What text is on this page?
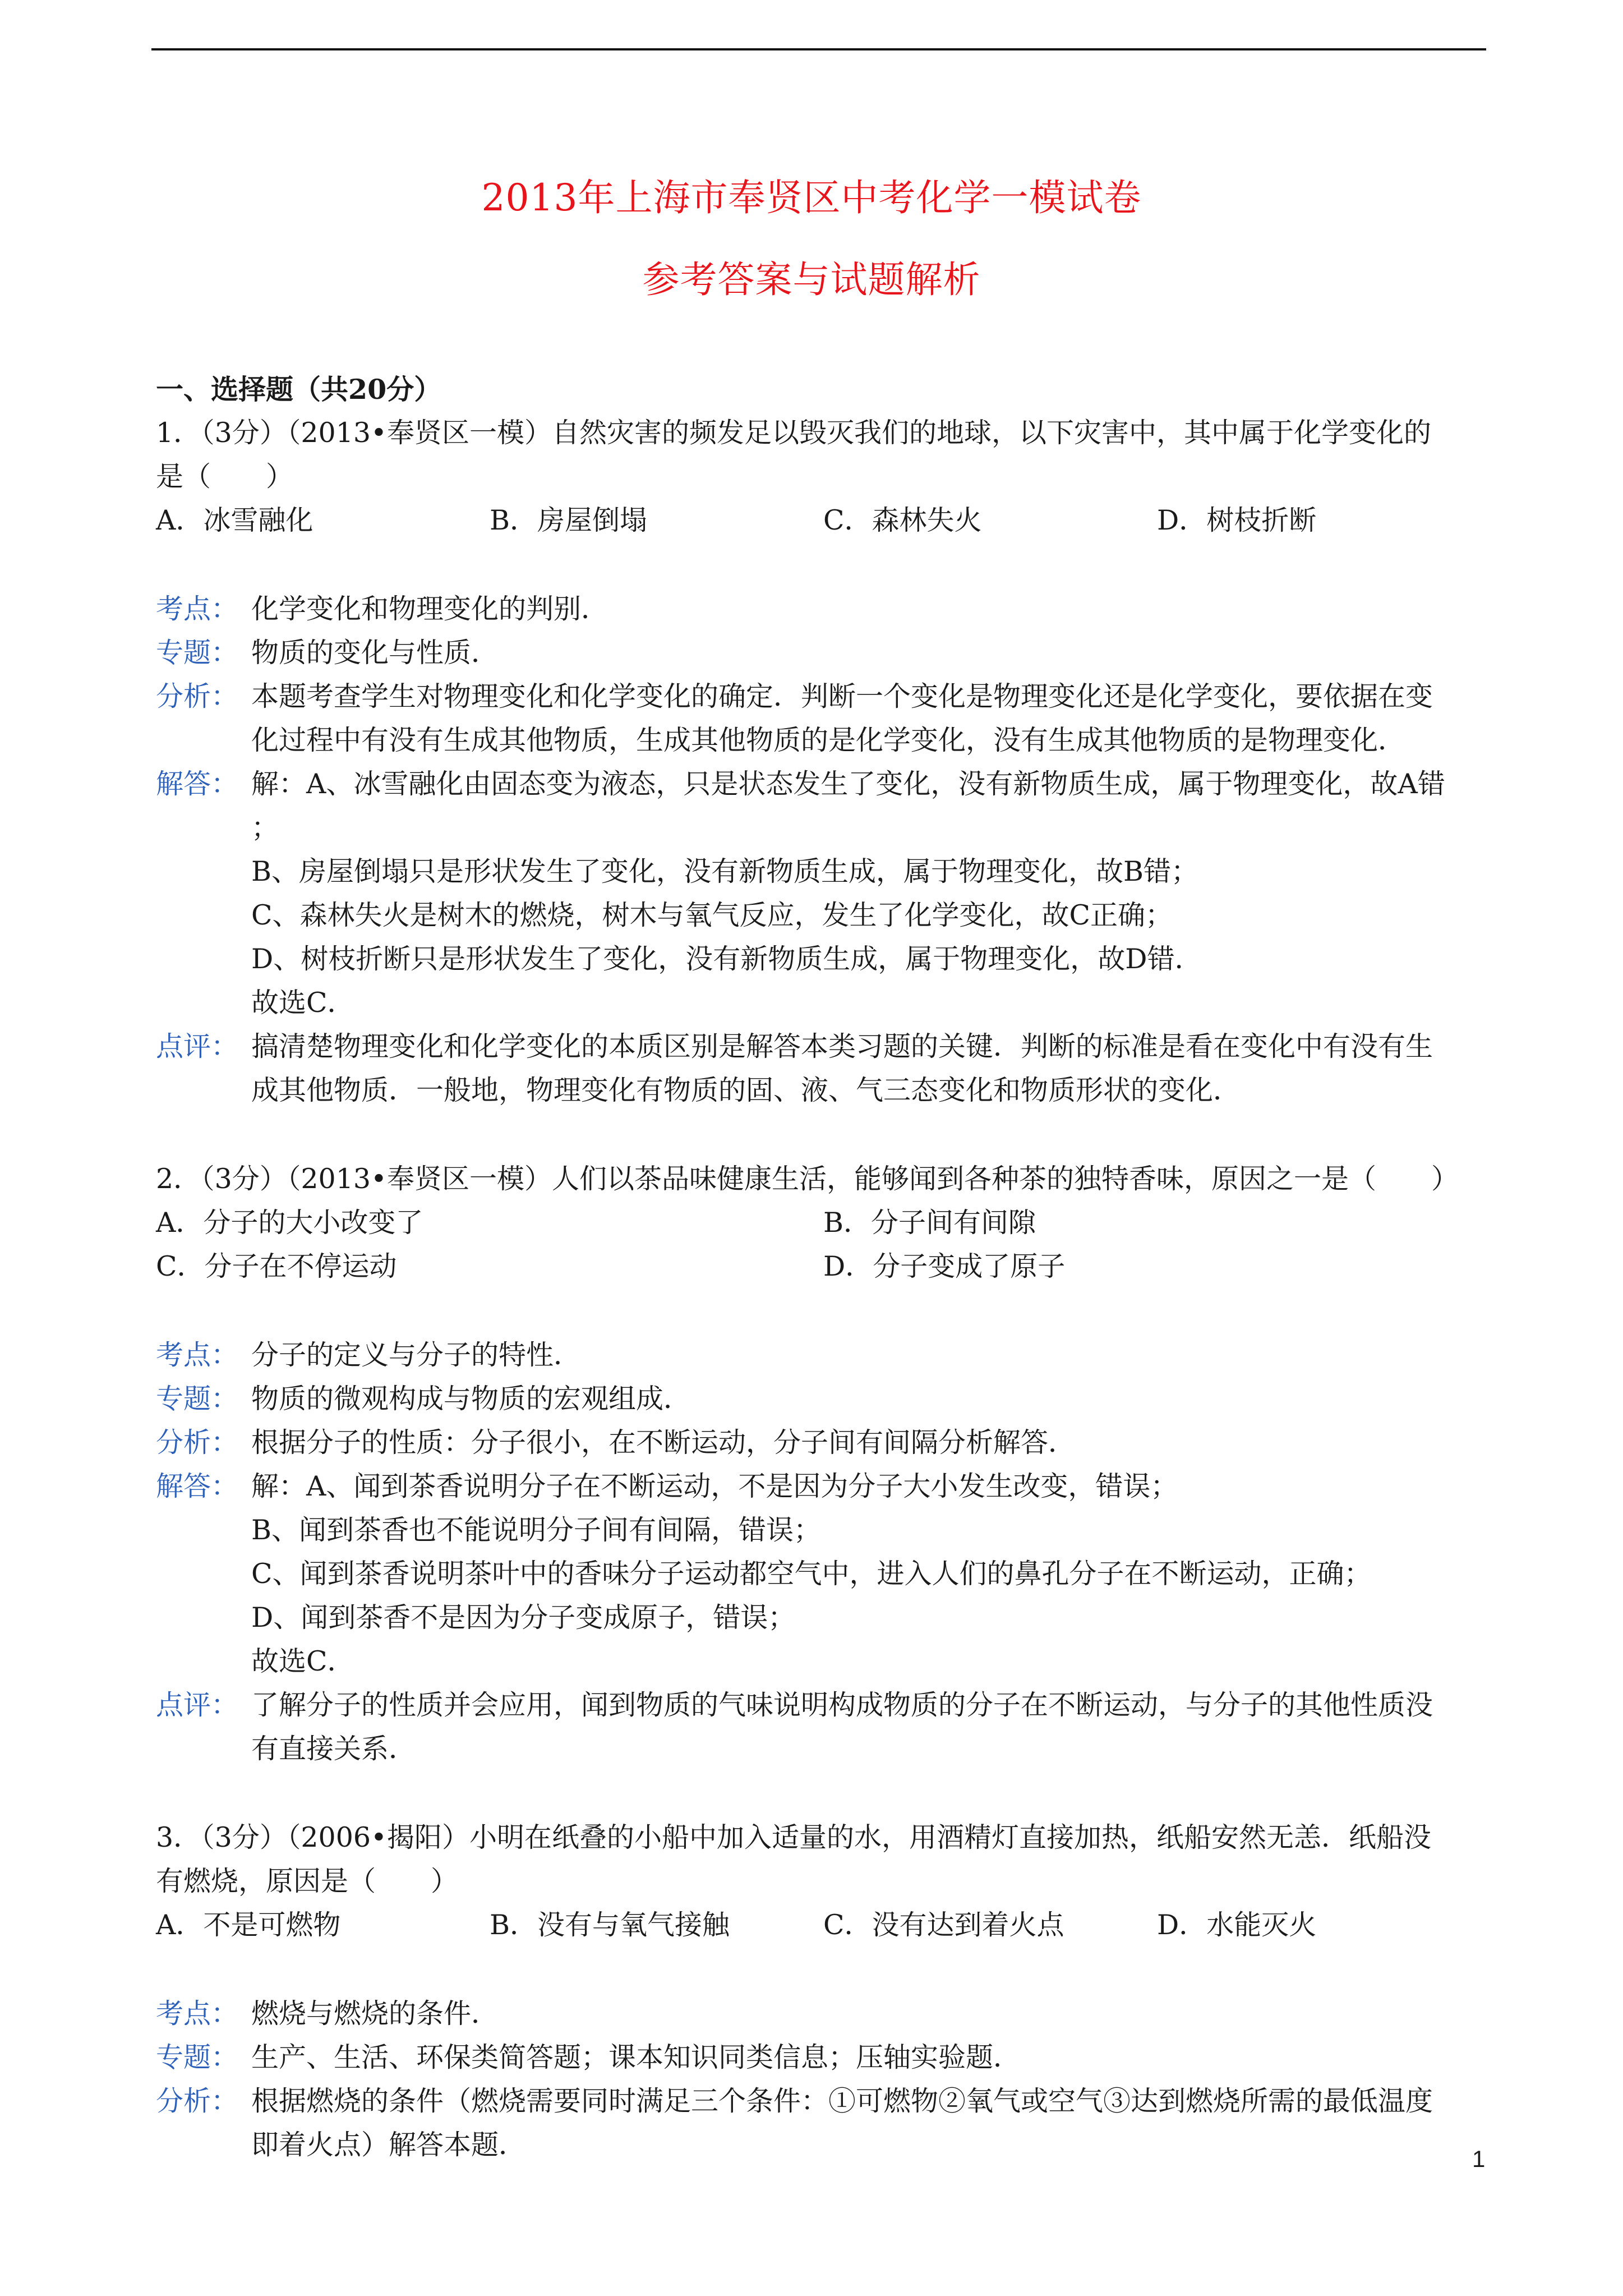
2013年上海市奉贤区中考化学一模试卷
参考答案与试题解析
一、选择题（共20分）
1．（3分）（2013•奉贤区一模）自然灾害的频发足以毁灭我们的地球，以下灾害中，其中属于化学变化的
是（　　）
A．冰雪融化	B．房屋倒塌	C．森林失火	D．树枝折断
考点： 化学变化和物理变化的判别．
专题： 物质的变化与性质．
分析： 本题考查学生对物理变化和化学变化的确定．判断一个变化是物理变化还是化学变化，要依据在变
化过程中有没有生成其他物质，生成其他物质的是化学变化，没有生成其他物质的是物理变化．
解答： 解：A、冰雪融化由固态变为液态，只是状态发生了变化，没有新物质生成，属于物理变化，故A错
；
B、房屋倒塌只是形状发生了变化，没有新物质生成，属于物理变化，故B错；
C、森林失火是树木的燃烧，树木与氧气反应，发生了化学变化，故C正确；
D、树枝折断只是形状发生了变化，没有新物质生成，属于物理变化，故D错．
故选C．
点评： 搞清楚物理变化和化学变化的本质区别是解答本类习题的关键．判断的标准是看在变化中有没有生
成其他物质．一般地，物理变化有物质的固、液、气三态变化和物质形状的变化．
2．（3分）（2013•奉贤区一模）人们以茶品味健康生活，能够闻到各种茶的独特香味，原因之一是（　　）
A．分子的大小改变了	B．分子间有间隙
C．分子在不停运动	D．分子变成了原子
考点： 分子的定义与分子的特性．
专题： 物质的微观构成与物质的宏观组成．
分析： 根据分子的性质：分子很小，在不断运动，分子间有间隔分析解答．
解答： 解：A、闻到茶香说明分子在不断运动，不是因为分子大小发生改变，错误；
B、闻到茶香也不能说明分子间有间隔，错误；
C、闻到茶香说明茶叶中的香味分子运动都空气中，进入人们的鼻孔分子在不断运动，正确；
D、闻到茶香不是因为分子变成原子，错误；
故选C．
点评： 了解分子的性质并会应用，闻到物质的气味说明构成物质的分子在不断运动，与分子的其他性质没
有直接关系．
3．（3分）（2006•揭阳）小明在纸叠的小船中加入适量的水，用酒精灯直接加热，纸船安然无恙．纸船没
有燃烧，原因是（　　）
A．不是可燃物	B．没有与氧气接触	C．没有达到着火点	D．水能灭火
考点： 燃烧与燃烧的条件．
专题： 生产、生活、环保类简答题；课本知识同类信息；压轴实验题．
分析： 根据燃烧的条件（燃烧需要同时满足三个条件：①可燃物②氧气或空气③达到燃烧所需的最低温度
即着火点）解答本题．	1
